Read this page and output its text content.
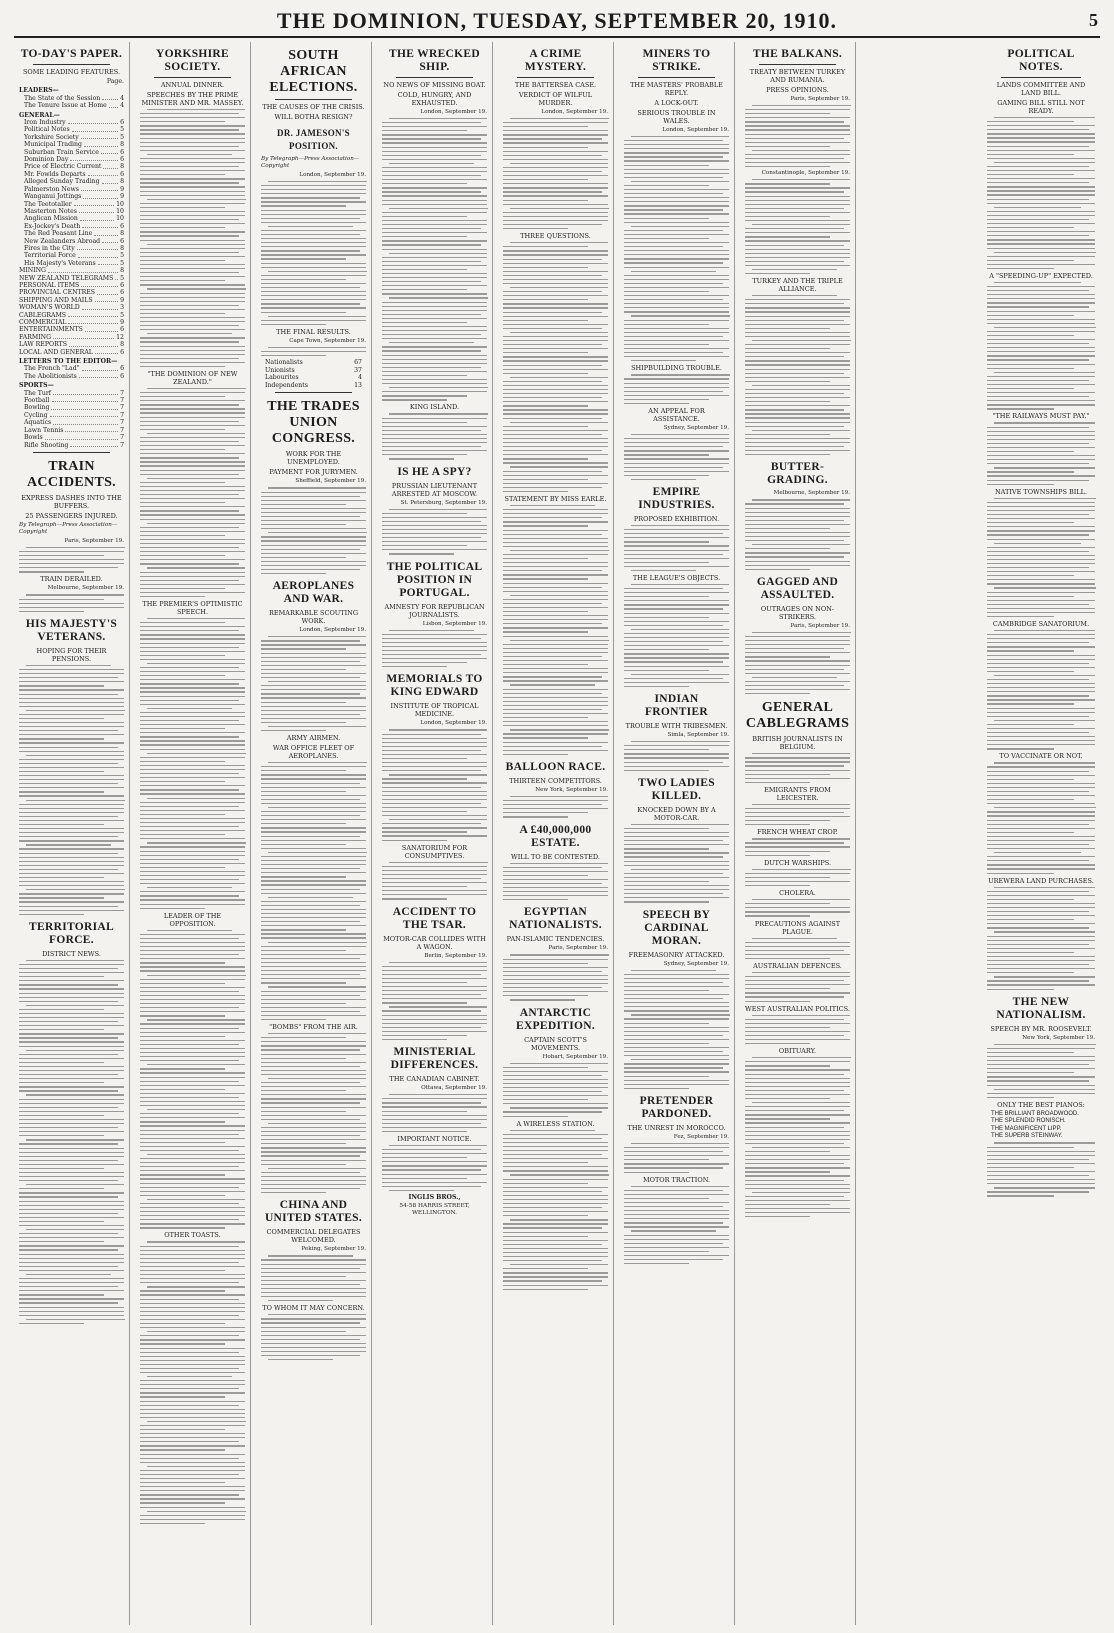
THE DOMINION, TUESDAY, SEPTEMBER 20, 1910.	5
TO-DAY'S PAPER.
SOME LEADING FEATURES.
Page.
LEADERS—
The State of the Session	4
The Tenure Issue at Home 4
GENERAL—
Iron Industry	6
Political Notes	5
Yorkshire Society	5
Municipal Trading	8
Suburban Train Service	6
Dominion Day	6
Price of Electric Current	8
Mr. Fowlds Departs	6
Alleged Sunday Trading	8
Palmerston News	9
Wanganui Jottings	9
The Teetotaller	10
Masterton Notes	10
Anglican Mission	10
Ex-Jockey's Death	6
The Red Peasant Line	8
New Zealanders Abroad	6
Fires in the City	8
Territorial Force	5
His Majesty's Veterans	5
MINING	8
NEW ZEALAND TELEGRAMS 5
PERSONAL ITEMS	6
PROVINCIAL CENTRES	6
SHIPPING AND MAILS	9
WOMAN'S WORLD	3
CABLEGRAMS	5
COMMERCIAL	9
ENTERTAINMENTS	6
FARMING	12
LAW REPORTS	8
LOCAL AND GENERAL	6
LETTERS TO THE EDITOR—
The French "Lad"	6
The Abolitionists	6
SPORTS—
The Turf	7
Football	7
Bowling	7
Cycling	7
Aquatics	7
Lawn Tennis	7
Bowls	7
Rifle Shooting	7
TRAIN ACCIDENTS.
EXPRESS DASHES INTO THE BUFFERS.
25 PASSENGERS INJURED.
By Telegraph—Press Association—Copyright
Paris, September 19.
TRAIN DERAILED.
Melbourne, September 19.
HIS MAJESTY'S VETERANS.
HOPING FOR THEIR PENSIONS.
TERRITORIAL FORCE.
DISTRICT NEWS.
YORKSHIRE SOCIETY.
ANNUAL DINNER.
SPEECHES BY THE PRIME MINISTER AND MR. MASSEY.
"THE DOMINION OF NEW ZEALAND."
THE PREMIER'S OPTIMISTIC SPEECH.
LEADER OF THE OPPOSITION.
OTHER TOASTS.
SOUTH AFRICAN ELECTIONS.
THE CAUSES OF THE CRISIS.
WILL BOTHA RESIGN?
DR. JAMESON'S POSITION.
By Telegraph—Press Association—Copyright
London, September 19.
THE FINAL RESULTS.
Cape Town, September 19.
Nationalists	67
Unionists	37
Labourites	4
Independents	13
THE TRADES UNION CONGRESS.
WORK FOR THE UNEMPLOYED.
PAYMENT FOR JURYMEN.
Sheffield, September 19.
AEROPLANES AND WAR.
REMARKABLE SCOUTING WORK.
London, September 19.
ARMY AIRMEN.
WAR OFFICE FLEET OF AEROPLANES.
"BOMBS" FROM THE AIR.
CHINA AND UNITED STATES.
COMMERCIAL DELEGATES WELCOMED.
Peking, September 19.
TO WHOM IT MAY CONCERN.
THE WRECKED SHIP.
NO NEWS OF MISSING BOAT.
COLD, HUNGRY, AND EXHAUSTED.
London, September 19.
KING ISLAND.
IS HE A SPY?
PRUSSIAN LIEUTENANT ARRESTED AT MOSCOW.
St. Petersburg, September 19.
THE POLITICAL POSITION IN PORTUGAL.
AMNESTY FOR REPUBLICAN JOURNALISTS.
Lisbon, September 19.
MEMORIALS TO KING EDWARD
INSTITUTE OF TROPICAL MEDICINE.
London, September 19.
SANATORIUM FOR CONSUMPTIVES.
ACCIDENT TO THE TSAR.
MOTOR-CAR COLLIDES WITH A WAGON.
Berlin, September 19.
MINISTERIAL DIFFERENCES.
THE CANADIAN CABINET.
Ottawa, September 19.
IMPORTANT NOTICE.
INGLIS BROS.,
54-58 HARRIS STREET, WELLINGTON.
A CRIME MYSTERY.
THE BATTERSEA CASE.
VERDICT OF WILFUL MURDER.
London, September 19.
THREE QUESTIONS.
STATEMENT BY MISS EARLE.
BALLOON RACE.
THIRTEEN COMPETITORS.
New York, September 19.
A £40,000,000 ESTATE.
WILL TO BE CONTESTED.
EGYPTIAN NATIONALISTS.
PAN-ISLAMIC TENDENCIES.
Paris, September 19.
ANTARCTIC EXPEDITION.
CAPTAIN SCOTT'S MOVEMENTS.
Hobart, September 19.
A WIRELESS STATION.
MINERS TO STRIKE.
THE MASTERS' PROBABLE REPLY.
A LOCK-OUT.
SERIOUS TROUBLE IN WALES.
London, September 19.
SHIPBUILDING TROUBLE.
AN APPEAL FOR ASSISTANCE.
Sydney, September 19.
EMPIRE INDUSTRIES.
PROPOSED EXHIBITION.
THE LEAGUE'S OBJECTS.
INDIAN FRONTIER
TROUBLE WITH TRIBESMEN.
Simla, September 19.
TWO LADIES KILLED.
KNOCKED DOWN BY A MOTOR-CAR.
SPEECH BY CARDINAL MORAN.
FREEMASONRY ATTACKED.
Sydney, September 19.
PRETENDER PARDONED.
THE UNREST IN MOROCCO.
Fez, September 19.
MOTOR TRACTION.
THE BALKANS.
TREATY BETWEEN TURKEY AND RUMANIA.
PRESS OPINIONS.
Paris, September 19.
Constantinople, September 19.
TURKEY AND THE TRIPLE ALLIANCE.
BUTTER-GRADING.
Melbourne, September 19.
GAGGED AND ASSAULTED.
OUTRAGES ON NON-STRIKERS.
Paris, September 19.
GENERAL CABLEGRAMS
BRITISH JOURNALISTS IN BELGIUM.
EMIGRANTS FROM LEICESTER.
FRENCH WHEAT CROP.
DUTCH WARSHIPS.
CHOLERA.
PRECAUTIONS AGAINST PLAGUE.
AUSTRALIAN DEFENCES.
WEST AUSTRALIAN POLITICS.
OBITUARY.
POLITICAL NOTES.
LANDS COMMITTEE AND LAND BILL.
GAMING BILL STILL NOT READY.
A "SPEEDING-UP" EXPECTED.
"THE RAILWAYS MUST PAY."
NATIVE TOWNSHIPS BILL.
CAMBRIDGE SANATORIUM.
TO VACCINATE OR NOT.
UREWERA LAND PURCHASES.
THE NEW NATIONALISM.
SPEECH BY MR. ROOSEVELT.
New York, September 19.
ONLY THE BEST PIANOS:
THE BRILLIANT BROADWOOD.
THE SPLENDID RONISCH.
THE MAGNIFICENT LIPP.
THE SUPERB STEINWAY.
